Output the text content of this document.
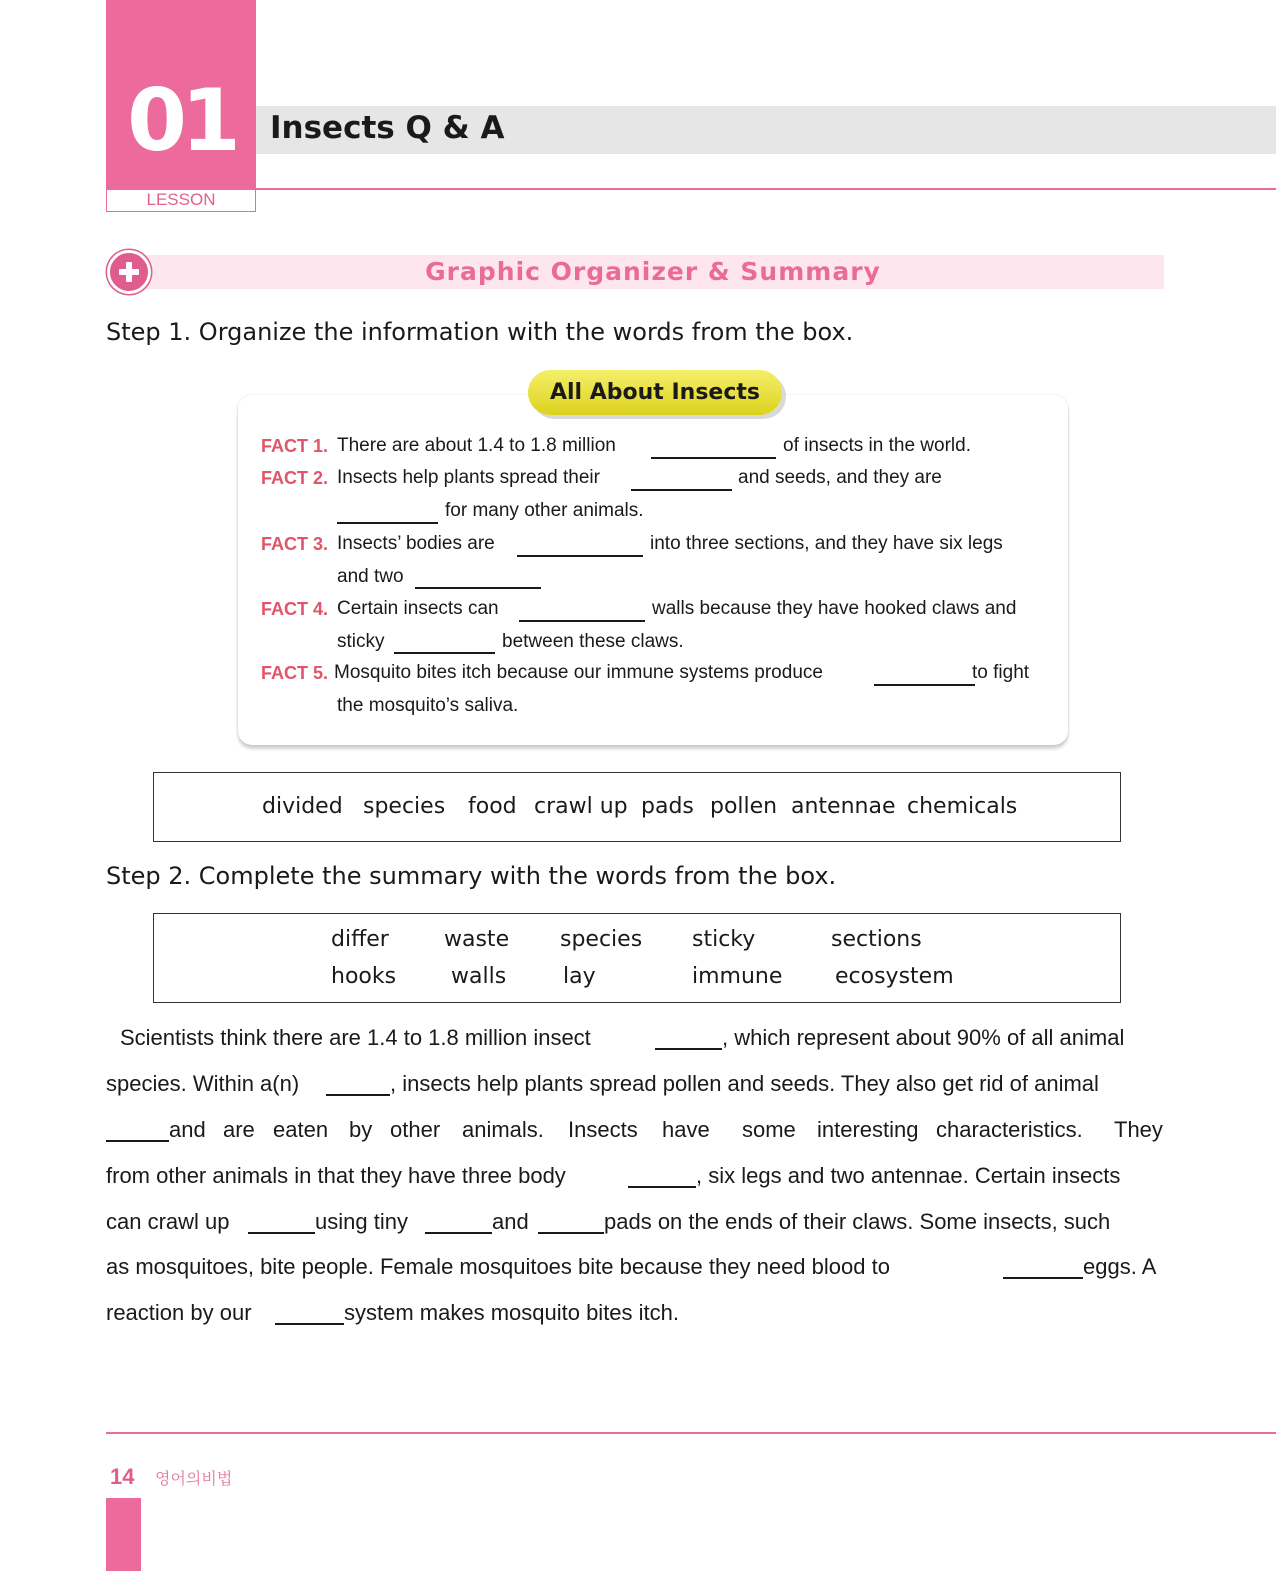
01
LESSON
Insects Q & A
Graphic Organizer & Summary
Step 1. Organize the information with the words from the box.
All About Insects
FACT 1. There are about 1.4 to 1.8 million	of insects in the world.
FACT 2. Insects help plants spread their	and seeds, and they are
for many other animals.
FACT 3. Insects’ bodies are	into three sections, and they have six legs
and two
FACT 4. Certain insects can	walls because they have hooked claws and
sticky	between these claws.
FACT 5. Mosquito bites itch because our immune systems produce	to fight
the mosquito’s saliva.
divided species food crawl up pads pollen antennae chemicals
Step 2. Complete the summary with the words from the box.
differ	waste species sticky	sections
hooks walls	lay	immune ecosystem
Scientists think there are 1.4 to 1.8 million insect	, which represent about 90% of all animal
species. Within a(n)	, insects help plants spread pollen and seeds. They also get rid of animal
and are eaten by other animals. Insects have some interesting characteristics. They
from other animals in that they have three body	, six legs and two antennae. Certain insects
can crawl up	using tiny	and	pads on the ends of their claws. Some insects, such
as mosquitoes, bite people. Female mosquitoes bite because they need blood to	eggs. A
reaction by our	system makes mosquito bites itch.
14 영어의비법
